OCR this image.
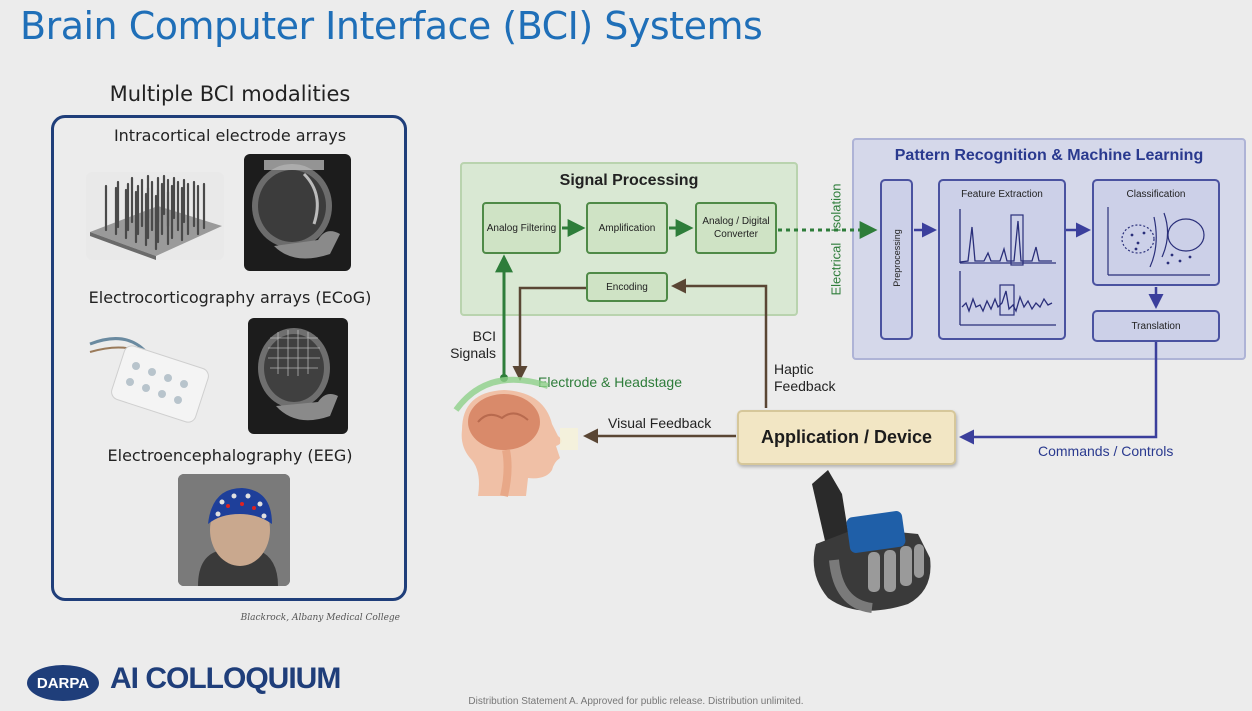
Brain Computer Interface (BCI) Systems
Multiple BCI modalities
Intracortical electrode arrays
Electrocorticography arrays (ECoG)
Electroencephalography (EEG)
Blackrock, Albany Medical College
Signal Processing
Analog Filtering	Amplification
Analog / Digital Converter
Encoding	Electrical   Isolation
Pattern Recognition & Machine Learning
Preprocessing
Feature Extraction	Classification
Translation
BCI Signals
Electrode & Headstage
Haptic Feedback
Visual Feedback
Commands / Controls
Application / Device
DARPA AI COLLOQUIUM
Distribution Statement A. Approved for public release. Distribution unlimited.
